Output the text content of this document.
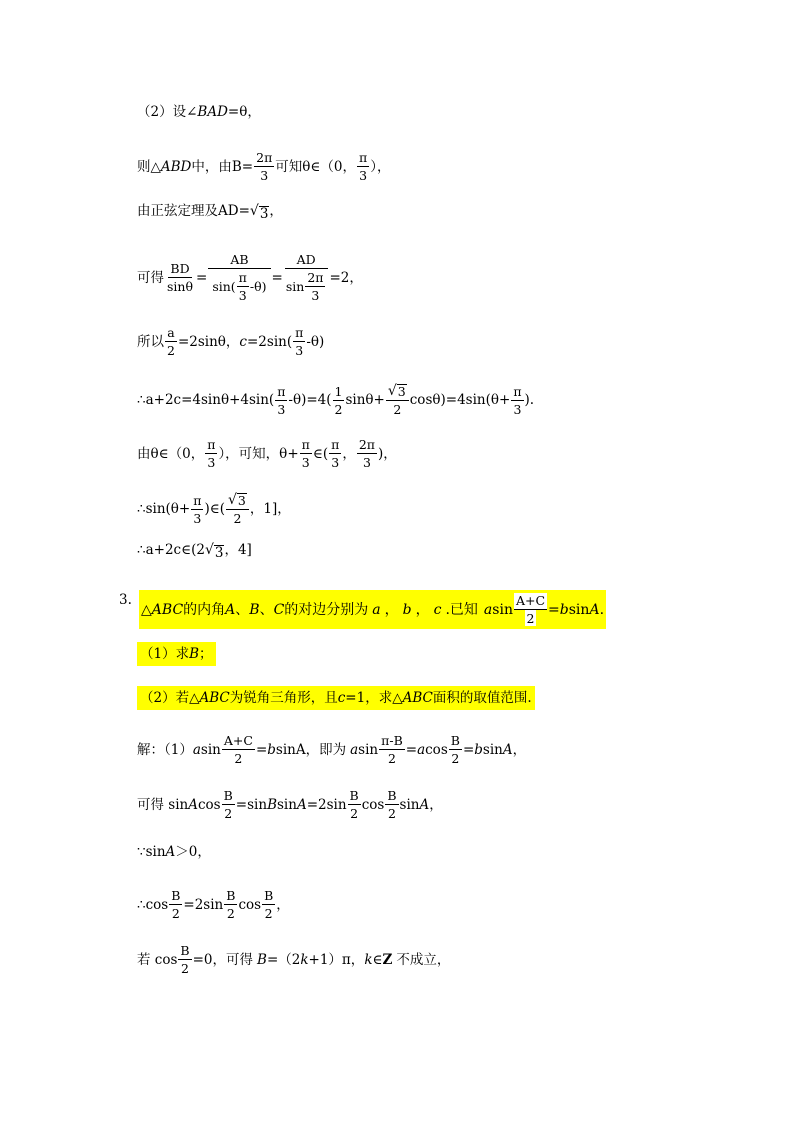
（2）设∠ BAD =θ，
则△ ABD 中，由$B= \frac{2\pi}{3}$ 可知θ∈（0， $\frac{\pi}{3}$ ），
由正弦定理及AD= √ 3 ，
可得 $\frac{BD}{\sin\theta} = \frac{AB}{\sin( \frac{\pi}{3} -\theta)} = \frac{AD}{\sin \frac{2\pi}{3}} =2$，
所以 $\frac{a}{2} =2\sin\theta$， $c =2\sin( \frac{\pi}{3} -\theta)$
∴a+2c=4sinθ+4sin( $\frac{\pi}{3} -\theta)=4( \frac{1}{2} \sin\theta+ \frac{√ 3}{2} \cos\theta)=4\sin(\theta+ \frac{\pi}{3}$ ).
由θ∈（0， $\frac{\pi}{3}$ ），可知，$\theta+ \frac{\pi}{3}$ ∈( $\frac{\pi}{3}$ ， $\frac{2\pi}{3}$ )，
∴sin(θ+ $\frac{\pi}{3}$ )∈( $\frac{√ 3}{2}$ ，1]，
∴a+2c∈(2 √ 3 ，4]
3.
△ ABC 的内角 A 、 B 、 C 的对边分别为 a ， b ， c .已知 a $\sin \frac{A+C}{2} = b$ sin A .
（1）求B；
（2）若△ABC为锐角三角形，且c=1，求△ABC面积的取值范围.
解：（1） a $\sin \frac{A+C}{2} = b$ sinA，即为 a $\sin \frac{\pi-B}{2} = a$ $\cos \frac{B}{2} = b$ sin A ，
可得 sin A $\cos \frac{B}{2} =\sin$ B $\sin A =2\sin \frac{B}{2}$ $\cos \frac{B}{2}$ sin A ，
∵sin A ＞0，
∴cos $\frac{B}{2} =2\sin \frac{B}{2}$ $\cos \frac{B}{2}$ ，
若 $\cos \frac{B}{2} =0$，可得 B =（2 k +1）π， k ∈ Z 不成立，
